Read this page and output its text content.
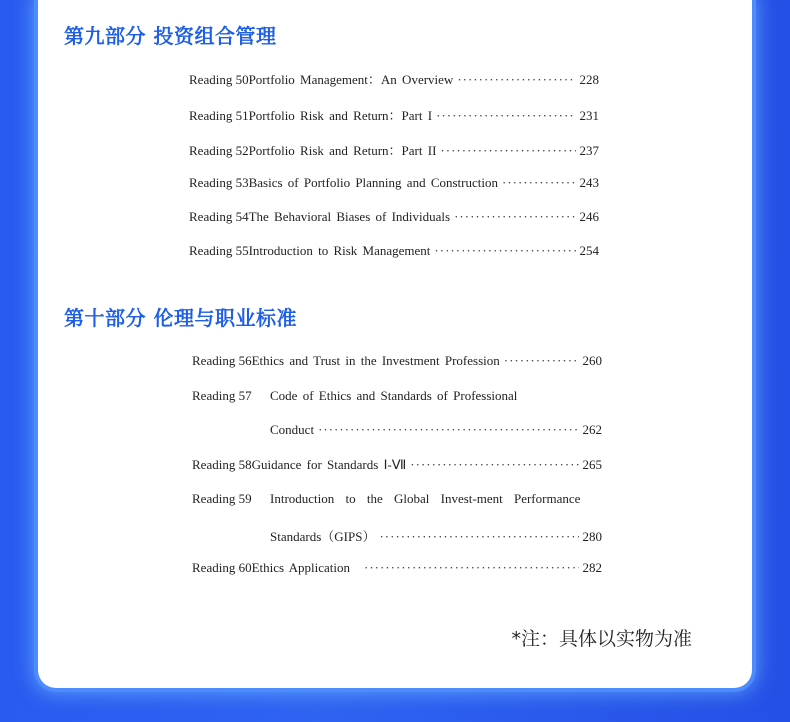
第九部分 投资组合管理
Reading 50 Portfolio Management：An Overview ·····	228
Reading 51 Portfolio Risk and Return：Part I ·····	231
Reading 52 Portfolio Risk and Return：Part II ·····	237
Reading 53 Basics of Portfolio Planning and Construction ·····	243
Reading 54 The Behavioral Biases of Individuals ·····	246
Reading 55 Introduction to Risk Management ·····	254
第十部分 伦理与职业标准
Reading 56 Ethics and Trust in the Investment Profession ·····	260
Reading 57	Code of Ethics and Standards of Professional
Conduct ·····	262
Reading 58 Guidance for Standards Ⅰ-Ⅶ ·····	265
Reading 59	Introduction to the Global Invest-ment Performance
Standards（GIPS） ·····	280
Reading 60 Ethics Application ·····	282
*注：具体以实物为准
